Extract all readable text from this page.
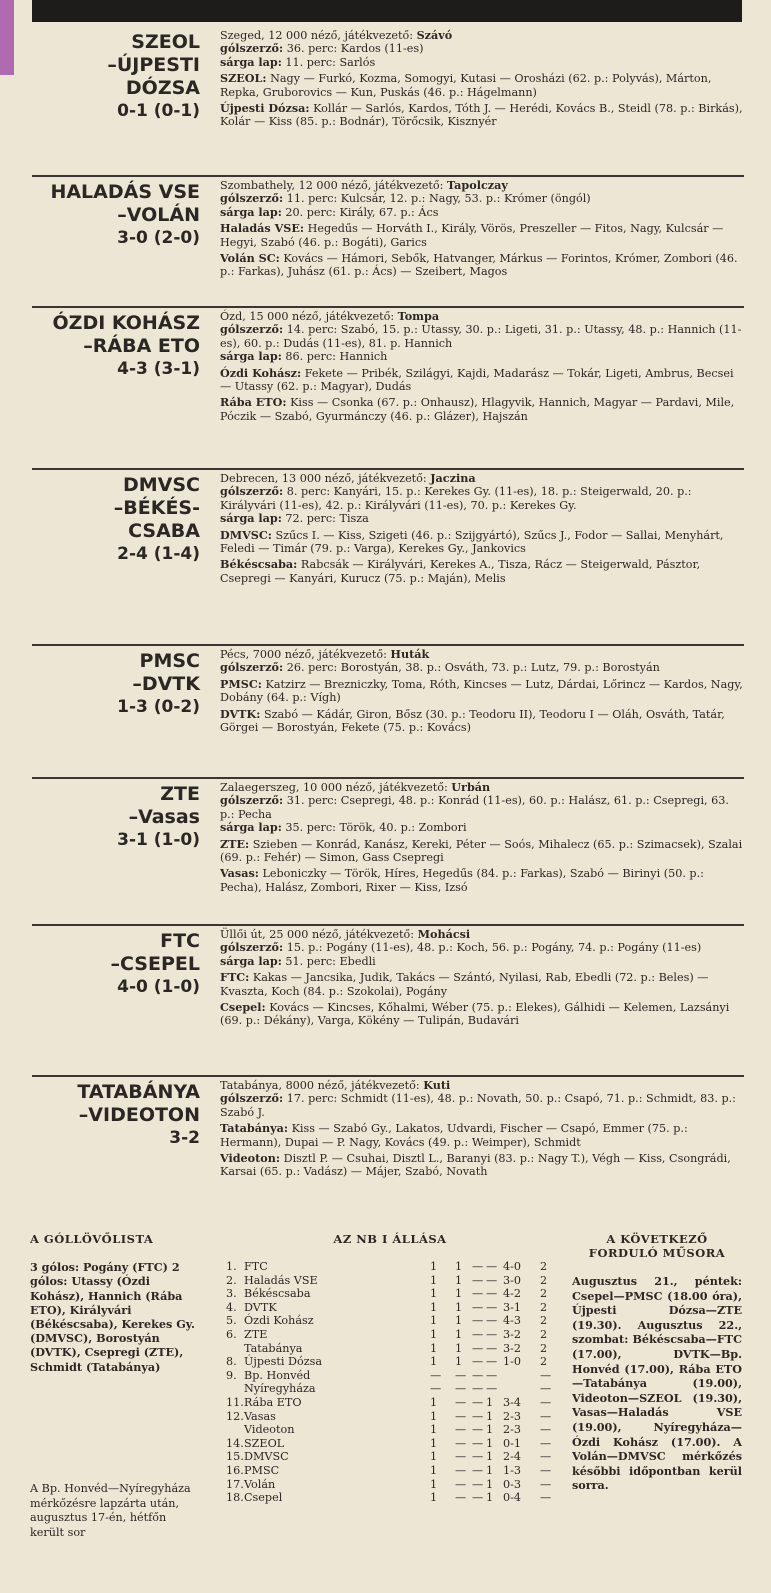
SZEOL
–ÚJPESTI
DÓZSA
0-1 (0-1)

Szeged, 12 000 néző, játékvezető: Szávó

gólszerző: 36. perc: Kardos (11-es)

sárga lap: 11. perc: Sarlós

SZEOL: Nagy — Furkó, Kozma, Somogyi, Kutasi — Orosházi (62. p.: Polyvás), Márton, Repka, Gruborovics — Kun, Puskás (46. p.: Hágelmann)

Újpesti Dózsa: Kollár — Sarlós, Kardos, Tóth J. — Herédi, Kovács B., Steidl (78. p.: Birkás), Kolár — Kiss (85. p.: Bodnár), Törőcsik, Kisznyér

HALADÁS VSE
–VOLÁN
3-0 (2-0)

Szombathely, 12 000 néző, játékvezető: Tapolczay

gólszerző: 11. perc: Kulcsár, 12. p.: Nagy, 53. p.: Krómer (öngól)

sárga lap: 20. perc: Király, 67. p.: Ács

Haladás VSE: Hegedűs — Horváth I., Király, Vörös, Preszeller — Fitos, Nagy, Kulcsár — Hegyi, Szabó (46. p.: Bogáti), Garics

Volán SC: Kovács — Hámori, Sebők, Hatvanger, Márkus — Forintos, Krómer, Zombori (46. p.: Farkas), Juhász (61. p.: Ács) — Szeibert, Magos

ÓZDI KOHÁSZ
–RÁBA ETO
4-3 (3-1)

Ózd, 15 000 néző, játékvezető: Tompa

gólszerző: 14. perc: Szabó, 15. p.: Utassy, 30. p.: Ligeti, 31. p.: Utassy, 48. p.: Hannich (11-es), 60. p.: Dudás (11-es), 81. p. Hannich

sárga lap: 86. perc: Hannich

Ózdi Kohász: Fekete — Pribék, Szilágyi, Kajdi, Madarász — Tokár, Ligeti, Ambrus, Becsei — Utassy (62. p.: Magyar), Dudás

Rába ETO: Kiss — Csonka (67. p.: Onhausz), Hlagyvik, Hannich, Magyar — Pardavi, Mile, Póczik — Szabó, Gyurmánczy (46. p.: Glázer), Hajszán

DMVSC
–BÉKÉS-
CSABA
2-4 (1-4)

Debrecen, 13 000 néző, játékvezető: Jaczina

gólszerző: 8. perc: Kanyári, 15. p.: Kerekes Gy. (11-es), 18. p.: Steigerwald, 20. p.: Királyvári (11-es), 42. p.: Királyvári (11-es), 70. p.: Kerekes Gy.

sárga lap: 72. perc: Tisza

DMVSC: Szűcs I. — Kiss, Szigeti (46. p.: Szijgyártó), Szűcs J., Fodor — Sallai, Menyhárt, Feledi — Timár (79. p.: Varga), Kerekes Gy., Jankovics

Békéscsaba: Rabcsák — Királyvári, Kerekes A., Tisza, Rácz — Steigerwald, Pásztor, Csepregi — Kanyári, Kurucz (75. p.: Maján), Melis

PMSC
–DVTK
1-3 (0-2)

Pécs, 7000 néző, játékvezető: Huták

gólszerző: 26. perc: Borostyán, 38. p.: Osváth, 73. p.: Lutz, 79. p.: Borostyán

PMSC: Katzirz — Brezniczky, Toma, Róth, Kincses — Lutz, Dárdai, Lőrincz — Kardos, Nagy, Dobány (64. p.: Vígh)

DVTK: Szabó — Kádár, Giron, Bősz (30. p.: Teodoru II), Teodoru I — Oláh, Osváth, Tatár, Görgei — Borostyán, Fekete (75. p.: Kovács)

ZTE
–Vasas
3-1 (1-0)

Zalaegerszeg, 10 000 néző, játékvezető: Urbán

gólszerző: 31. perc: Csepregi, 48. p.: Konrád (11-es), 60. p.: Halász, 61. p.: Csepregi, 63. p.: Pecha

sárga lap: 35. perc: Török, 40. p.: Zombori

ZTE: Szieben — Konrád, Kanász, Kereki, Péter — Soós, Mihalecz (65. p.: Szimacsek), Szalai (69. p.: Fehér) — Simon, Gass Csepregi

Vasas: Leboniczky — Török, Híres, Hegedűs (84. p.: Farkas), Szabó — Birinyi (50. p.: Pecha), Halász, Zombori, Rixer — Kiss, Izsó

FTC
–CSEPEL
4-0 (1-0)

Üllői út, 25 000 néző, játékvezető: Mohácsi

gólszerző: 15. p.: Pogány (11-es), 48. p.: Koch, 56. p.: Pogány, 74. p.: Pogány (11-es)

sárga lap: 51. perc: Ebedli

FTC: Kakas — Jancsika, Judik, Takács — Szántó, Nyilasi, Rab, Ebedli (72. p.: Beles) — Kvaszta, Koch (84. p.: Szokolai), Pogány

Csepel: Kovács — Kincses, Kőhalmi, Wéber (75. p.: Elekes), Gálhidi — Kelemen, Lazsányi (69. p.: Dékány), Varga, Kökény — Tulipán, Budavári

TATABÁNYA
–VIDEOTON
3-2

Tatabánya, 8000 néző, játékvezető: Kuti

gólszerző: 17. perc: Schmidt (11-es), 48. p.: Novath, 50. p.: Csapó, 71. p.: Schmidt, 83. p.: Szabó J.

Tatabánya: Kiss — Szabó Gy., Lakatos, Udvardi, Fischer — Csapó, Emmer (75. p.: Hermann), Dupai — P. Nagy, Kovács (49. p.: Weimper), Schmidt

Videoton: Disztl P. — Csuhai, Disztl L., Baranyi (83. p.: Nagy T.), Végh — Kiss, Csongrádi, Karsai (65. p.: Vadász) — Májer, Szabó, Novath

A GÓLLÖVŐLISTA
3 gólos: Pogány (FTC) 2 gólos: Utassy (Ózdi Kohász), Hannich (Rába ETO), Királyvári (Békéscsaba), Kerekes Gy. (DMVSC), Borostyán (DVTK), Csepregi (ZTE), Schmidt (Tatabánya)
A Bp. Honvéd—Nyíregyháza mérkőzésre lapzárta után, augusztus 17-én, hétfőn került sor
AZ NB I ÁLLÁSA
1. FTC	1 1 — — 4-0 2
2. Haladás VSE	1 1 — — 3-0 2
3. Békéscsaba	1 1 — — 4-2 2
4. DVTK	1 1 — — 3-1 2
5. Ózdi Kohász	1 1 — — 4-3 2
6. ZTE	1 1 — — 3-2 2
Tatabánya	1 1 — — 3-2 2
8. Újpesti Dózsa	1 1 — — 1-0 2
9. Bp. Honvéd	— — — —	—
Nyíregyháza	— — — —	—
11. Rába ETO	1 — — 1 3-4 —
12. Vasas	1 — — 1 2-3 —
Videoton	1 — — 1 2-3 —
14. SZEOL	1 — — 1 0-1 —
15. DMVSC	1 — — 1 2-4 —
16. PMSC	1 — — 1 1-3 —
17. Volán	1 — — 1 0-3 —
18. Csepel	1 — — 1 0-4 —
A KÖVETKEZŐ FORDULÓ MŰSORA
Augusztus 21., péntek: Csepel—PMSC (18.00 óra), Újpesti Dózsa—ZTE (19.30). Augusztus 22., szombat: Békéscsaba—FTC (17.00), DVTK—Bp. Honvéd (17.00), Rába ETO—Tatabánya (19.00), Videoton—SZEOL (19.30), Vasas—Haladás VSE (19.00), Nyíregyháza—Ózdi Kohász (17.00). A Volán—DMVSC mérkőzés későbbi időpontban kerül sorra.
